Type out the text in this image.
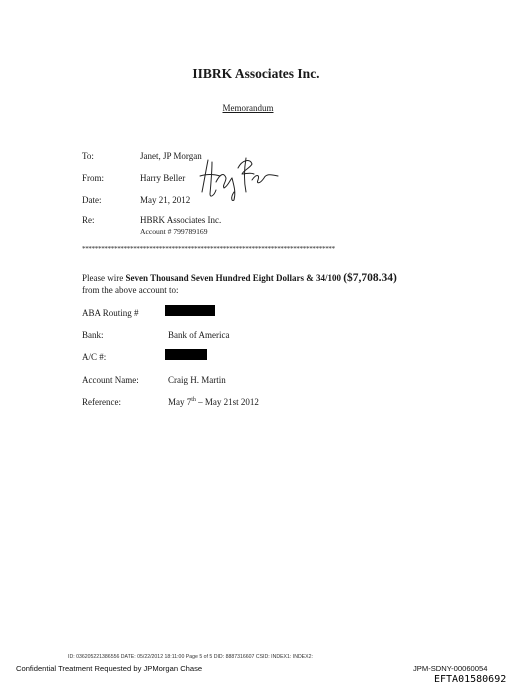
IIBRK Associates Inc.
Memorandum
To:	Janet, JP Morgan
From:	Harry Beller
Date:	May 21, 2012
Re:	HBRK Associates Inc.
Account # 799789169
*******************************************************************************
Please wire Seven Thousand Seven Hundred Eight Dollars & 34/100 ($7,708.34)
from the above account to:
ABA Routing #
Bank:	Bank of America
A/C #:
Account Name:	Craig H. Martin
Reference:	May 7th – May 21st 2012
ID: 036205221386556 DATE: 05/22/2012 18:11:00 Page 5 of 5 DID: 8887316607 CSID: INDEX1: INDEX2:
Confidential Treatment Requested by JPMorgan Chase	JPM-SDNY-00060054
EFTA01580692
